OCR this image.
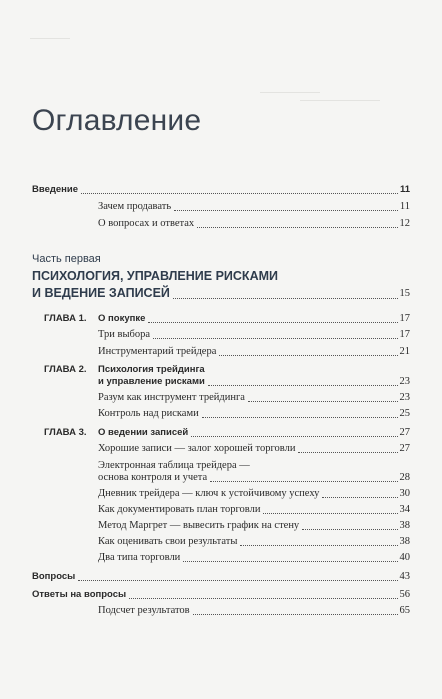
Оглавление
Введение	11
Зачем продавать	11
О вопросах и ответах	12
Часть первая
ПСИХОЛОГИЯ, УПРАВЛЕНИЕ РИСКАМИ
И ВЕДЕНИЕ ЗАПИСЕЙ	15
ГЛАВА 1. О покупке	17
Три выбора	17
Инструментарий трейдера	21
ГЛАВА 2. Психология трейдинга
и управление рисками	23
Разум как инструмент трейдинга	23
Контроль над рисками	25
ГЛАВА 3. О ведении записей	27
Хорошие записи — залог хорошей торговли	27
Электронная таблица трейдера —
основа контроля и учета	28
Дневник трейдера — ключ к устойчивому успеху	30
Как документировать план торговли	34
Метод Маргрет — вывесить график на стену	38
Как оценивать свои результаты	38
Два типа торговли	40
Вопросы	43
Ответы на вопросы	56
Подсчет результатов	65
